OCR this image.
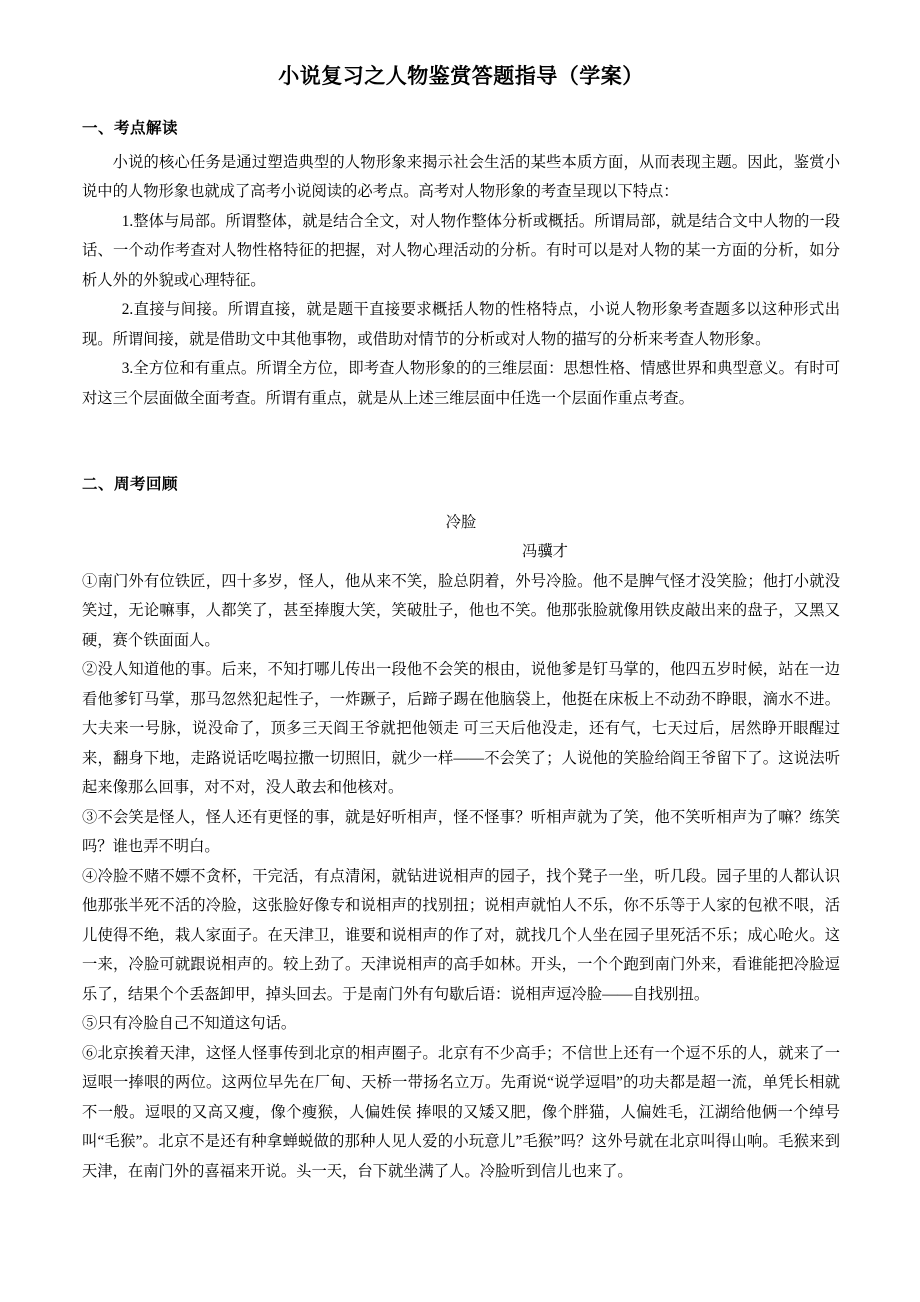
小说复习之人物鉴赏答题指导（学案）
一、考点解读

小说的核心任务是通过塑造典型的人物形象来揭示社会生活的某些本质方面，从而表现主题。因此，鉴赏小说中的人物形象也就成了高考小说阅读的必考点。高考对人物形象的考查呈现以下特点：

1.整体与局部。所谓整体，就是结合全文，对人物作整体分析或概括。所谓局部，就是结合文中人物的一段话、一个动作考查对人物性格特征的把握，对人物心理活动的分析。有时可以是对人物的某一方面的分析，如分析人外的外貌或心理特征。

2.直接与间接。所谓直接，就是题干直接要求概括人物的性格特点，小说人物形象考查题多以这种形式出现。所谓间接，就是借助文中其他事物，或借助对情节的分析或对人物的描写的分析来考查人物形象。

3.全方位和有重点。所谓全方位，即考查人物形象的的三维层面：思想性格、情感世界和典型意义。有时可对这三个层面做全面考查。所谓有重点，就是从上述三维层面中任选一个层面作重点考查。

二、周考回顾

冷脸

冯骥才

①南门外有位铁匠，四十多岁，怪人，他从来不笑，脸总阴着，外号冷脸。他不是脾气怪才没笑脸；他打小就没笑过，无论嘛事，人都笑了，甚至捧腹大笑，笑破肚子，他也不笑。他那张脸就像用铁皮敲出来的盘子，又黑又硬，赛个铁面面人。

②没人知道他的事。后来，不知打哪儿传出一段他不会笑的根由，说他爹是钉马掌的，他四五岁时候，站在一边看他爹钉马掌，那马忽然犯起性子，一炸蹶子，后蹄子踢在他脑袋上，他挺在床板上不动劲不睁眼，滴水不进。大夫来一号脉，说没命了，顶多三天阎王爷就把他领走 可三天后他没走，还有气，七天过后，居然睁开眼醒过来，翻身下地，走路说话吃喝拉撒一切照旧，就少一样——不会笑了；人说他的笑脸给阎王爷留下了。这说法听起来像那么回事，对不对，没人敢去和他核对。

③不会笑是怪人，怪人还有更怪的事，就是好听相声，怪不怪事？听相声就为了笑，他不笑听相声为了嘛？练笑吗？谁也弄不明白。

④冷脸不赌不嫖不贪杯，干完活，有点清闲，就钻进说相声的园子，找个凳子一坐，听几段。园子里的人都认识他那张半死不活的冷脸，这张脸好像专和说相声的找别扭；说相声就怕人不乐，你不乐等于人家的包袱不哏，活儿使得不绝，栽人家面子。在天津卫，谁要和说相声的作了对，就找几个人坐在园子里死活不乐；成心呛火。这一来，冷脸可就跟说相声的。较上劲了。天津说相声的高手如林。开头，一个个跑到南门外来，看谁能把冷脸逗乐了，结果个个丢盔卸甲，掉头回去。于是南门外有句歇后语：说相声逗冷脸——自找别扭。

⑤只有冷脸自己不知道这句话。

⑥北京挨着天津，这怪人怪事传到北京的相声圈子。北京有不少高手；不信世上还有一个逗不乐的人，就来了一逗哏一捧哏的两位。这两位早先在厂甸、天桥一带扬名立万。先甭说“说学逗唱”的功夫都是超一流，单凭长相就不一般。逗哏的又高又瘦，像个瘦猴，人偏姓侯 捧哏的又矮又肥，像个胖猫，人偏姓毛，江湖给他俩一个绰号叫“毛猴”。北京不是还有种拿蝉蜕做的那种人见人爱的小玩意儿”毛猴”吗？这外号就在北京叫得山响。毛猴来到天津，在南门外的喜福来开说。头一天，台下就坐满了人。冷脸听到信儿也来了。
